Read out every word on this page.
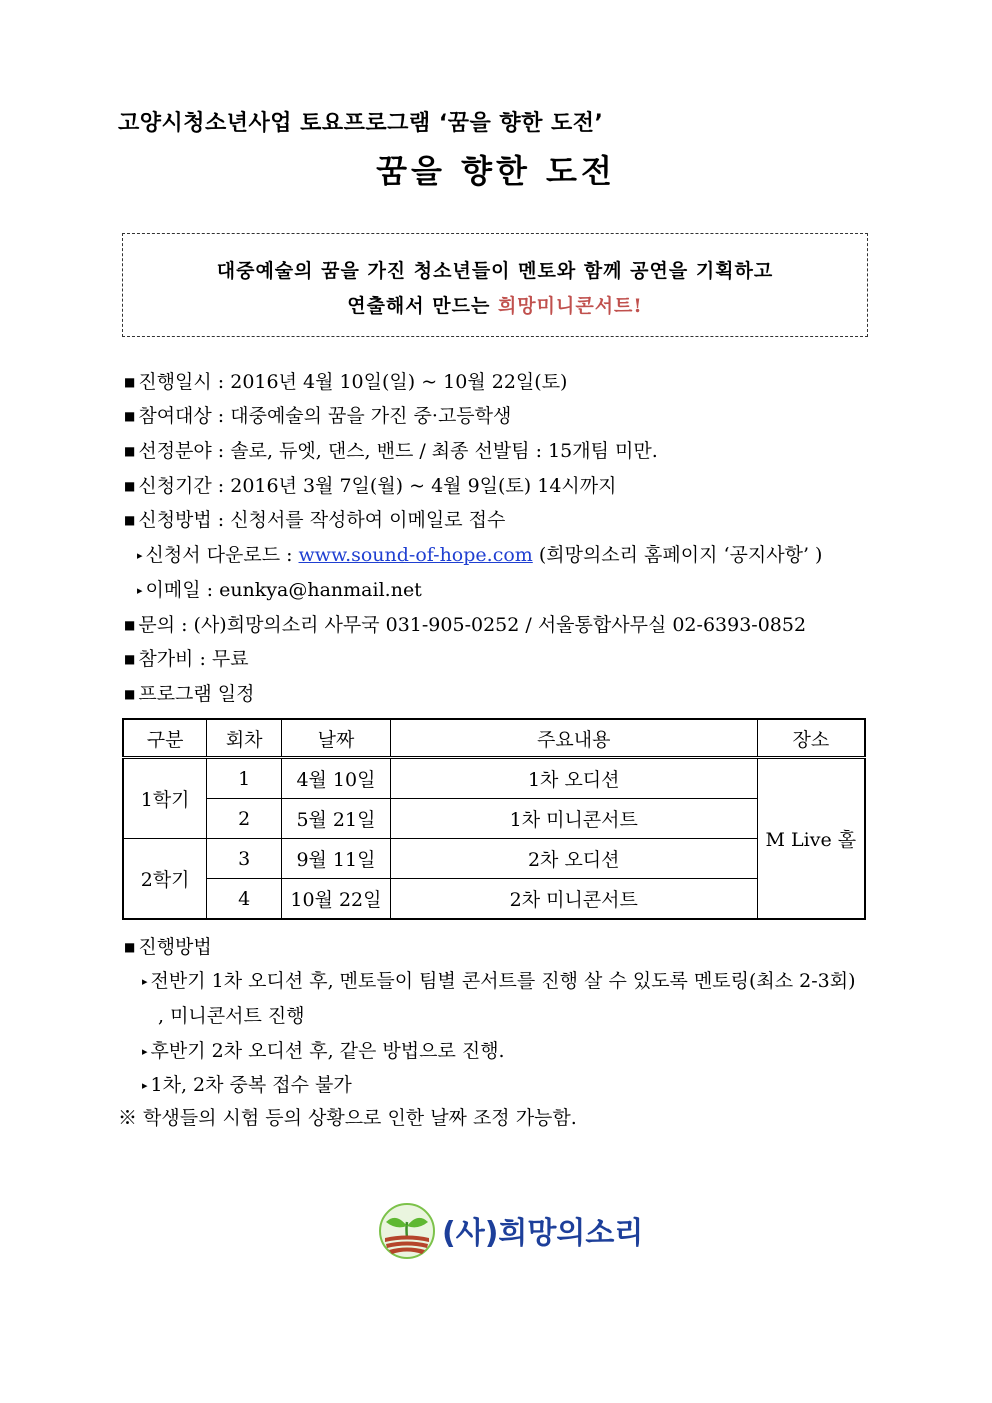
고양시청소년사업 토요프로그램 ‘꿈을 향한 도전’
꿈을 향한 도전
대중예술의 꿈을 가진 청소년들이 멘토와 함께 공연을 기획하고
연출해서 만드는 희망미니콘서트!
■ 진행일시 : 2016년 4월 10일(일) ~ 10월 22일(토)
■ 참여대상 : 대중예술의 꿈을 가진 중·고등학생
■ 선정분야 : 솔로, 듀엣, 댄스, 밴드 / 최종 선발팀 : 15개팀 미만.
■ 신청기간 : 2016년 3월 7일(월) ~ 4월 9일(토) 14시까지
■ 신청방법 : 신청서를 작성하여 이메일로 접수
▸ 신청서 다운로드 : www.sound-of-hope.com (희망의소리 홈페이지 ‘공지사항’ )
▸ 이메일 : eunkya@hanmail.net
■ 문의 : (사)희망의소리 사무국 031-905-0252 / 서울통합사무실 02-6393-0852
■ 참가비 : 무료
■ 프로그램 일정
구분	회차	날짜	주요내용	장소
1학기	1	4월 10일	1차 오디션	M Live 홀
	2	5월 21일	1차 미니콘서트	
2학기	3	9월 11일	2차 오디션	
	4	10월 22일	2차 미니콘서트	
■ 진행방법
▸ 전반기 1차 오디션 후, 멘토들이 팀별 콘서트를 진행 살 수 있도록 멘토링(최소 2-3회)
, 미니콘서트 진행
▸ 후반기 2차 오디션 후, 같은 방법으로 진행.
▸ 1차, 2차 중복 접수 불가
※ 학생들의 시험 등의 상황으로 인한 날짜 조정 가능함.
(사)희망의소리
